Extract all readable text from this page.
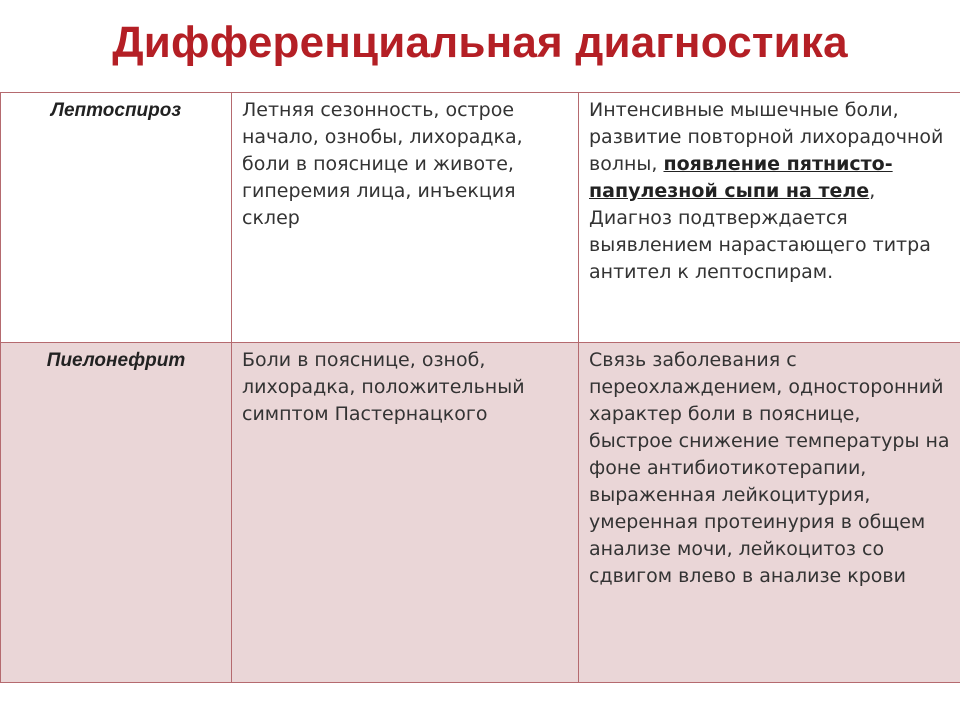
Дифференциальная диагностика
Лептоспироз	Летняя сезонность, острое начало, ознобы, лихорадка, боли в пояснице и животе, гиперемия лица, инъекция склер	Интенсивные мышечные боли, развитие повторной лихорадочной волны, появление пятнисто-папулезной сыпи на теле, Диагноз подтверждается выявлением нарастающего титра антител к лептоспирам.

Пиелонефрит	Боли в пояснице, озноб, лихорадка, положительный симптом Пастернацкого	Связь заболевания с переохлаждением, односторонний характер боли в пояснице, быстрое снижение температуры на фоне антибиотикотерапии, выраженная лейкоцитурия, умеренная протеинурия в общем анализе мочи, лейкоцитоз со сдвигом влево в анализе крови
